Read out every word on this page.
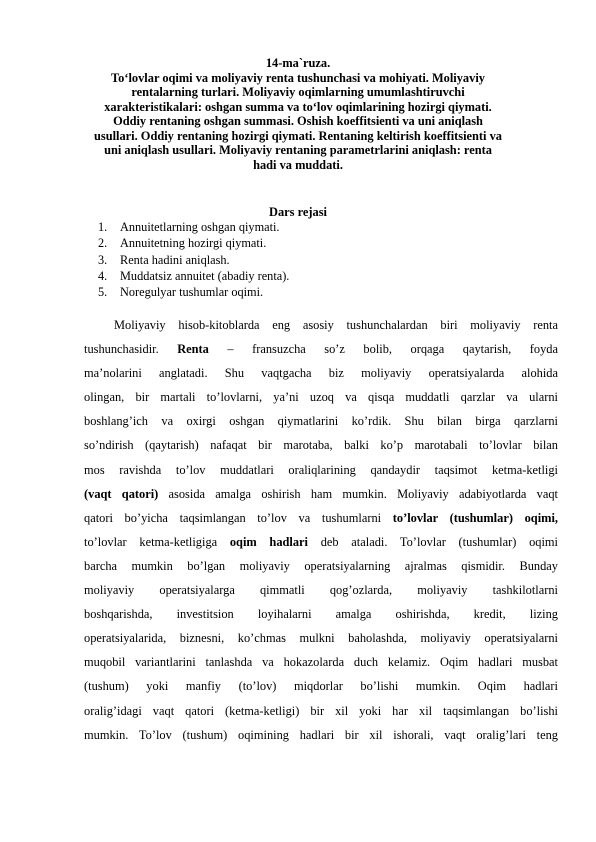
14-ma`ruza.
To‘lovlar oqimi va moliyaviy renta tushunchasi va mohiyati. Moliyaviy
rentalarning turlari. Moliyaviy oqimlarning umumlashtiruvchi
xarakteristikalari: oshgan summa va to‘lov oqimlarining hozirgi qiymati.
Oddiy rentaning oshgan summasi. Oshish koeffitsienti va uni aniqlash
usullari. Oddiy rentaning hozirgi qiymati. Rentaning keltirish koeffitsienti va
uni aniqlash usullari. Moliyaviy rentaning parametrlarini aniqlash: renta
hadi va muddati.
Dars rejasi
1. Annuitetlarning oshgan qiymati.
2. Annuitetning hozirgi qiymati.
3. Renta hadini aniqlash.
4. Muddatsiz annuitet (abadiy renta).
5. Noregulyar tushumlar oqimi.
Moliyaviy hisob-kitoblarda eng asosiy tushunchalardan biri moliyaviy renta
tushunchasidir. Renta – fransuzcha so’z bolib, orqaga qaytarish, foyda
ma’nolarini anglatadi. Shu vaqtgacha biz moliyaviy operatsiyalarda alohida
olingan, bir martali to’lovlarni, ya’ni uzoq va qisqa muddatli qarzlar va ularni
boshlang’ich va oxirgi oshgan qiymatlarini ko’rdik. Shu bilan birga qarzlarni
so’ndirish (qaytarish) nafaqat bir marotaba, balki ko’p marotabali to’lovlar bilan
mos ravishda to’lov muddatlari oraliqlarining qandaydir taqsimot ketma-ketligi
(vaqt qatori) asosida amalga oshirish ham mumkin. Moliyaviy adabiyotlarda vaqt
qatori bo’yicha taqsimlangan to’lov va tushumlarni to’lovlar (tushumlar) oqimi,
to’lovlar ketma-ketligiga oqim hadlari deb ataladi. To’lovlar (tushumlar) oqimi
barcha mumkin bo’lgan moliyaviy operatsiyalarning ajralmas qismidir. Bunday
moliyaviy operatsiyalarga qimmatli qog’ozlarda, moliyaviy tashkilotlarni
boshqarishda, investitsion loyihalarni amalga oshirishda, kredit, lizing
operatsiyalarida, biznesni, ko’chmas mulkni baholashda, moliyaviy operatsiyalarni
muqobil variantlarini tanlashda va hokazolarda duch kelamiz. Oqim hadlari musbat
(tushum) yoki manfiy (to’lov) miqdorlar bo’lishi mumkin. Oqim hadlari
oralig’idagi vaqt qatori (ketma-ketligi) bir xil yoki har xil taqsimlangan bo’lishi
mumkin. To’lov (tushum) oqimining hadlari bir xil ishorali, vaqt oralig’lari teng
